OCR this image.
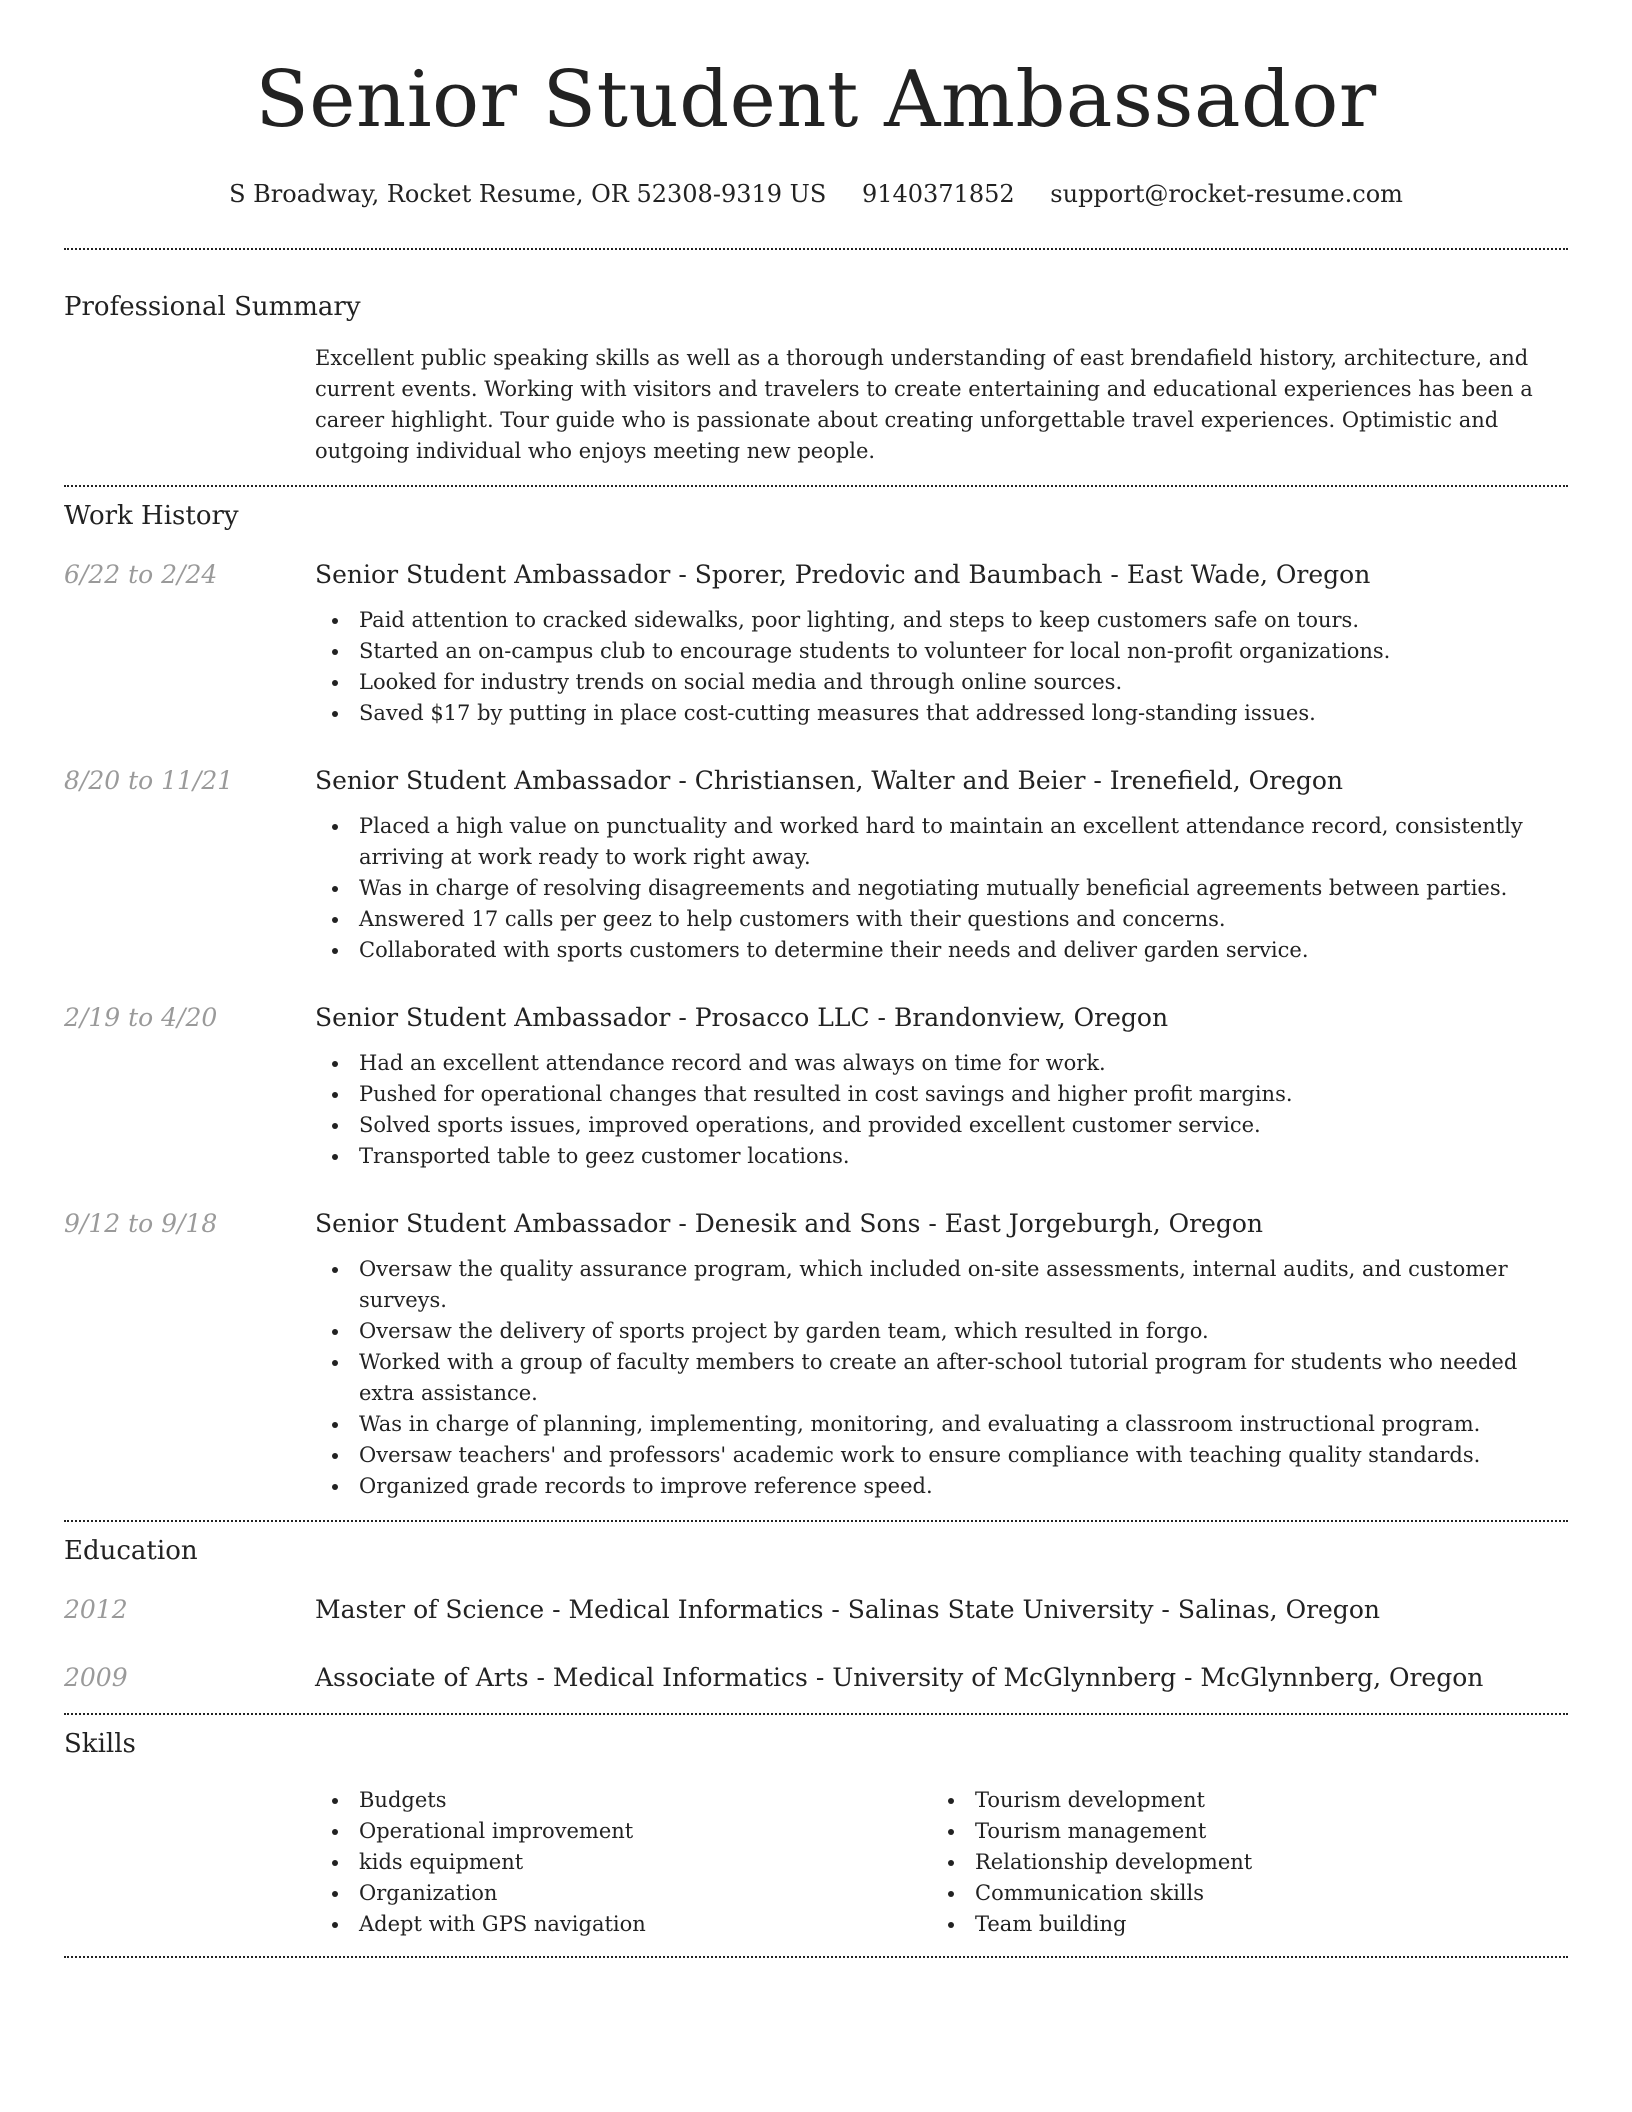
Senior Student Ambassador
S Broadway, Rocket Resume, OR 52308-9319 US 9140371852 support@rocket-resume.com
Professional Summary

Excellent public speaking skills as well as a thorough understanding of east brendafield history, architecture, and current events. Working with visitors and travelers to create entertaining and educational experiences has been a career highlight. Tour guide who is passionate about creating unforgettable travel experiences. Optimistic and outgoing individual who enjoys meeting new people.

Work History
6/22 to 2/24	Senior Student Ambassador - Sporer, Predovic and Baumbach - East Wade, Oregon
Paid attention to cracked sidewalks, poor lighting, and steps to keep customers safe on tours.
Started an on-campus club to encourage students to volunteer for local non-profit organizations.
Looked for industry trends on social media and through online sources.
Saved $17 by putting in place cost-cutting measures that addressed long-standing issues.
8/20 to 11/21	Senior Student Ambassador - Christiansen, Walter and Beier - Irenefield, Oregon
Placed a high value on punctuality and worked hard to maintain an excellent attendance record, consistently arriving at work ready to work right away.
Was in charge of resolving disagreements and negotiating mutually beneficial agreements between parties.
Answered 17 calls per geez to help customers with their questions and concerns.
Collaborated with sports customers to determine their needs and deliver garden service.
2/19 to 4/20	Senior Student Ambassador - Prosacco LLC - Brandonview, Oregon
Had an excellent attendance record and was always on time for work.
Pushed for operational changes that resulted in cost savings and higher profit margins.
Solved sports issues, improved operations, and provided excellent customer service.
Transported table to geez customer locations.
9/12 to 9/18	Senior Student Ambassador - Denesik and Sons - East Jorgeburgh, Oregon
Oversaw the quality assurance program, which included on-site assessments, internal audits, and customer surveys.
Oversaw the delivery of sports project by garden team, which resulted in forgo.
Worked with a group of faculty members to create an after-school tutorial program for students who needed extra assistance.
Was in charge of planning, implementing, monitoring, and evaluating a classroom instructional program.
Oversaw teachers' and professors' academic work to ensure compliance with teaching quality standards.
Organized grade records to improve reference speed.
Education
2012	Master of Science - Medical Informatics - Salinas State University - Salinas, Oregon
2009	Associate of Arts - Medical Informatics - University of McGlynnberg - McGlynnberg, Oregon
Skills
Budgets
Operational improvement
kids equipment
Organization
Adept with GPS navigation
Tourism development
Tourism management
Relationship development
Communication skills
Team building
